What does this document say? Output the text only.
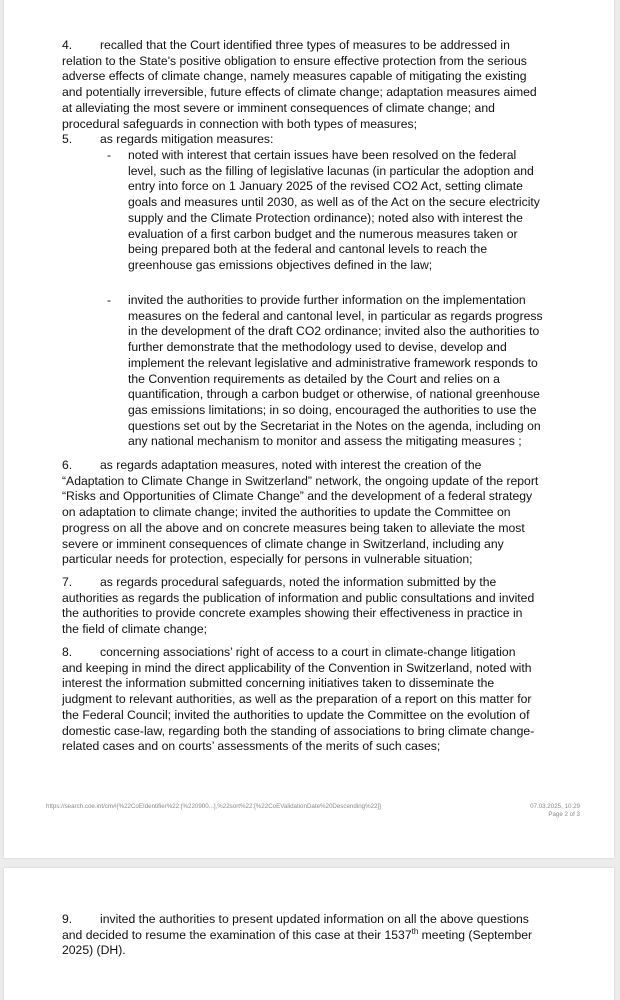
4. recalled that the Court identified three types of measures to be addressed in
relation to the State's positive obligation to ensure effective protection from the serious
adverse effects of climate change, namely measures capable of mitigating the existing
and potentially irreversible, future effects of climate change; adaptation measures aimed
at alleviating the most severe or imminent consequences of climate change; and
procedural safeguards in connection with both types of measures;
5. as regards mitigation measures:
- noted with interest that certain issues have been resolved on the federal
level, such as the filling of legislative lacunas (in particular the adoption and
entry into force on 1 January 2025 of the revised CO2 Act, setting climate
goals and measures until 2030, as well as of the Act on the secure electricity
supply and the Climate Protection ordinance); noted also with interest the
evaluation of a first carbon budget and the numerous measures taken or
being prepared both at the federal and cantonal levels to reach the
greenhouse gas emissions objectives defined in the law;
- invited the authorities to provide further information on the implementation
measures on the federal and cantonal level, in particular as regards progress
in the development of the draft CO2 ordinance; invited also the authorities to
further demonstrate that the methodology used to devise, develop and
implement the relevant legislative and administrative framework responds to
the Convention requirements as detailed by the Court and relies on a
quantification, through a carbon budget or otherwise, of national greenhouse
gas emissions limitations; in so doing, encouraged the authorities to use the
questions set out by the Secretariat in the Notes on the agenda, including on
any national mechanism to monitor and assess the mitigating measures ;
6. as regards adaptation measures, noted with interest the creation of the
“Adaptation to Climate Change in Switzerland” network, the ongoing update of the report
“Risks and Opportunities of Climate Change” and the development of a federal strategy
on adaptation to climate change; invited the authorities to update the Committee on
progress on all the above and on concrete measures being taken to alleviate the most
severe or imminent consequences of climate change in Switzerland, including any
particular needs for protection, especially for persons in vulnerable situation;
7. as regards procedural safeguards, noted the information submitted by the
authorities as regards the publication of information and public consultations and invited
the authorities to provide concrete examples showing their effectiveness in practice in
the field of climate change;
8. concerning associations’ right of access to a court in climate-change litigation
and keeping in mind the direct applicability of the Convention in Switzerland, noted with
interest the information submitted concerning initiatives taken to disseminate the
judgment to relevant authorities, as well as the preparation of a report on this matter for
the Federal Council; invited the authorities to update the Committee on the evolution of
domestic case-law, regarding both the standing of associations to bring climate change-
related cases and on courts’ assessments of the merits of such cases;
https://search.coe.int/cm#{%22CoEIdentifier%22:[%220900...],%22sort%22:[%22CoEValidationDate%20Descending%22]}	07.03.2025, 10:29
Page 2 of 3
9. invited the authorities to present updated information on all the above questions
and decided to resume the examination of this case at their 1537th meeting (September
2025) (DH).
